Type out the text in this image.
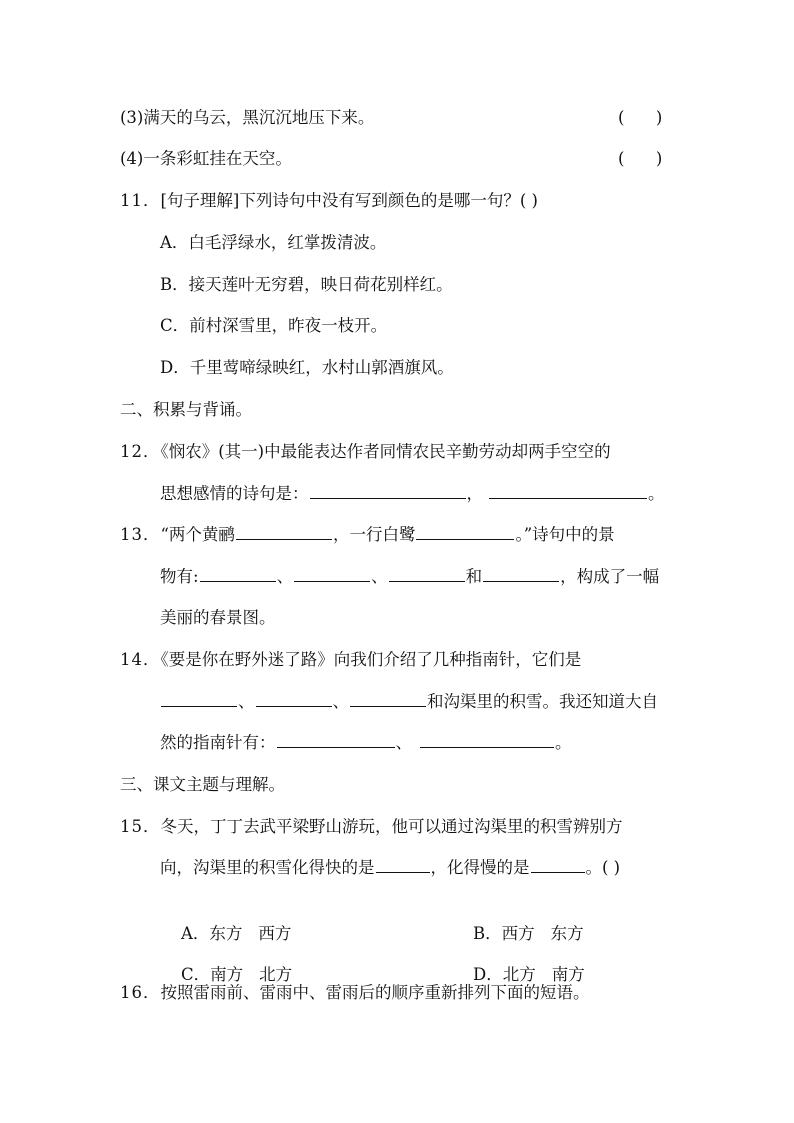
(3)满天的乌云，黑沉沉地压下来。	(      )
(4)一条彩虹挂在天空。	(      )
11．[句子理解]下列诗句中没有写到颜色的是哪一句？( )
A．白毛浮绿水，红掌拨清波。
B．接天莲叶无穷碧，映日荷花别样红。
C．前村深雪里，昨夜一枝开。
D．千里莺啼绿映红，水村山郭酒旗风。
二、积累与背诵。
12．《悯农》(其一)中最能表达作者同情农民辛勤劳动却两手空空的
思想感情的诗句是：	，	。
13．“两个黄鹂	，一行白鹭	。”诗句中的景
物有:	、	、	和	，构成了一幅
美丽的春景图。
14．《要是你在野外迷了路》向我们介绍了几种指南针，它们是
、	、	和沟渠里的积雪。我还知道大自
然的指南针有：	、	。
三、课文主题与理解。
15．冬天，丁丁去武平梁野山游玩，他可以通过沟渠里的积雪辨别方
向，沟渠里的积雪化得快的是	，化得慢的是	。( )

A．东方 西方
	B．西方 东方

C．南方 北方
	D．北方 南方

16．按照雷雨前、雷雨中、雷雨后的顺序重新排列下面的短语。
